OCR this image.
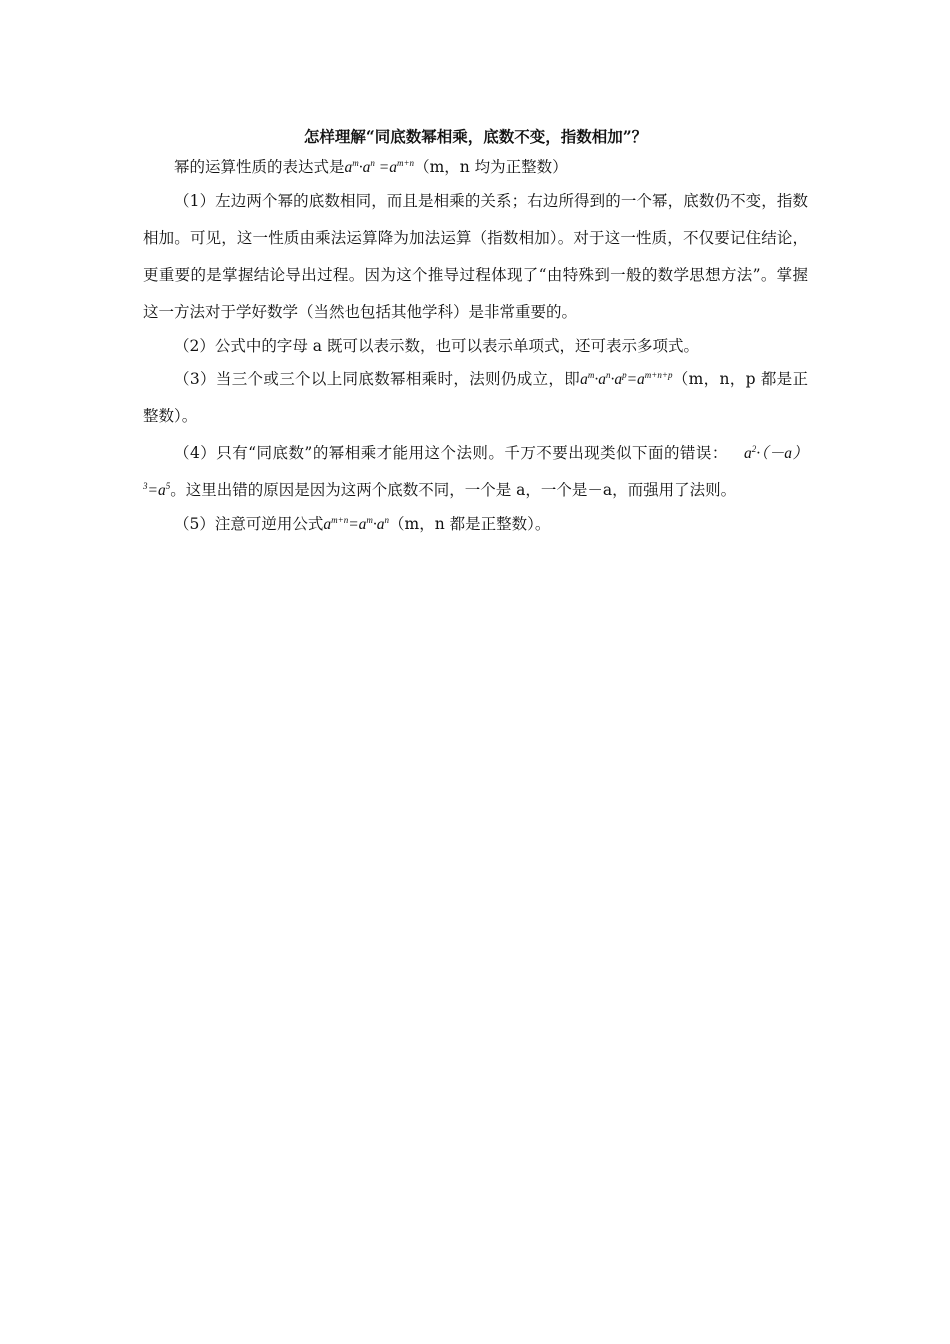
怎样理解“同底数幂相乘，底数不变，指数相加”？

幂的运算性质的表达式是$a^m\cdot a^n =a^{m+n}(m$，n 均为正整数）

（1）左边两个幂的底数相同，而且是相乘的关系；右边所得到的一个幂，底数仍不变，指数相加。可见，这一性质由乘法运算降为加法运算（指数相加）。对于这一性质，不仅要记住结论，更重要的是掌握结论导出过程。因为这个推导过程体现了“由特殊到一般的数学思想方法”。掌握这一方法对于学好数学（当然也包括其他学科）是非常重要的。

（2）公式中的字母 a 既可以表示数，也可以表示单项式，还可表示多项式。

（3）当三个或三个以上同底数幂相乘时，法则仍成立，即$a^m\cdot a^n\cdot a^p=a^{m+n+p}(m$，n，p 都是正整数）。

（4）只有“同底数”的幂相乘才能用这个法则。千万不要出现类似下面的错误： $a^2\cdot(-a)^3=a^5$。这里出错的原因是因为这两个底数不同，一个是 a，一个是－a，而强用了法则。

（5）注意可逆用公式$a^{m+n}=a^m\cdot a^n(m$，n 都是正整数）。
